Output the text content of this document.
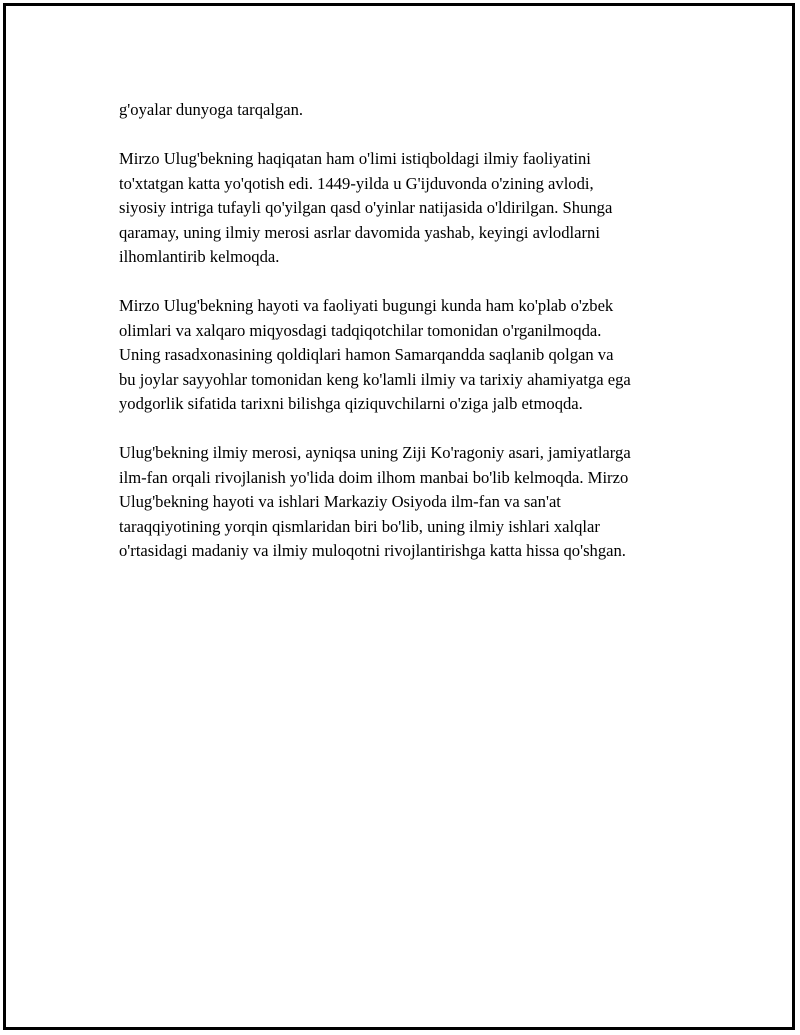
g'oyalar dunyoga tarqalgan.

Mirzo Ulug'bekning haqiqatan ham o'limi istiqboldagi ilmiy faoliyatini
to'xtatgan katta yo'qotish edi. 1449-yilda u G'ijduvonda o'zining avlodi,
siyosiy intriga tufayli qo'yilgan qasd o'yinlar natijasida o'ldirilgan. Shunga
qaramay, uning ilmiy merosi asrlar davomida yashab, keyingi avlodlarni
ilhomlantirib kelmoqda.

Mirzo Ulug'bekning hayoti va faoliyati bugungi kunda ham ko'plab o'zbek
olimlari va xalqaro miqyosdagi tadqiqotchilar tomonidan o'rganilmoqda.
Uning rasadxonasining qoldiqlari hamon Samarqandda saqlanib qolgan va
bu joylar sayyohlar tomonidan keng ko'lamli ilmiy va tarixiy ahamiyatga ega
yodgorlik sifatida tarixni bilishga qiziquvchilarni o'ziga jalb etmoqda.

Ulug'bekning ilmiy merosi, ayniqsa uning Ziji Ko'ragoniy asari, jamiyatlarga
ilm-fan orqali rivojlanish yo'lida doim ilhom manbai bo'lib kelmoqda. Mirzo
Ulug'bekning hayoti va ishlari Markaziy Osiyoda ilm-fan va san'at
taraqqiyotining yorqin qismlaridan biri bo'lib, uning ilmiy ishlari xalqlar
o'rtasidagi madaniy va ilmiy muloqotni rivojlantirishga katta hissa qo'shgan.
